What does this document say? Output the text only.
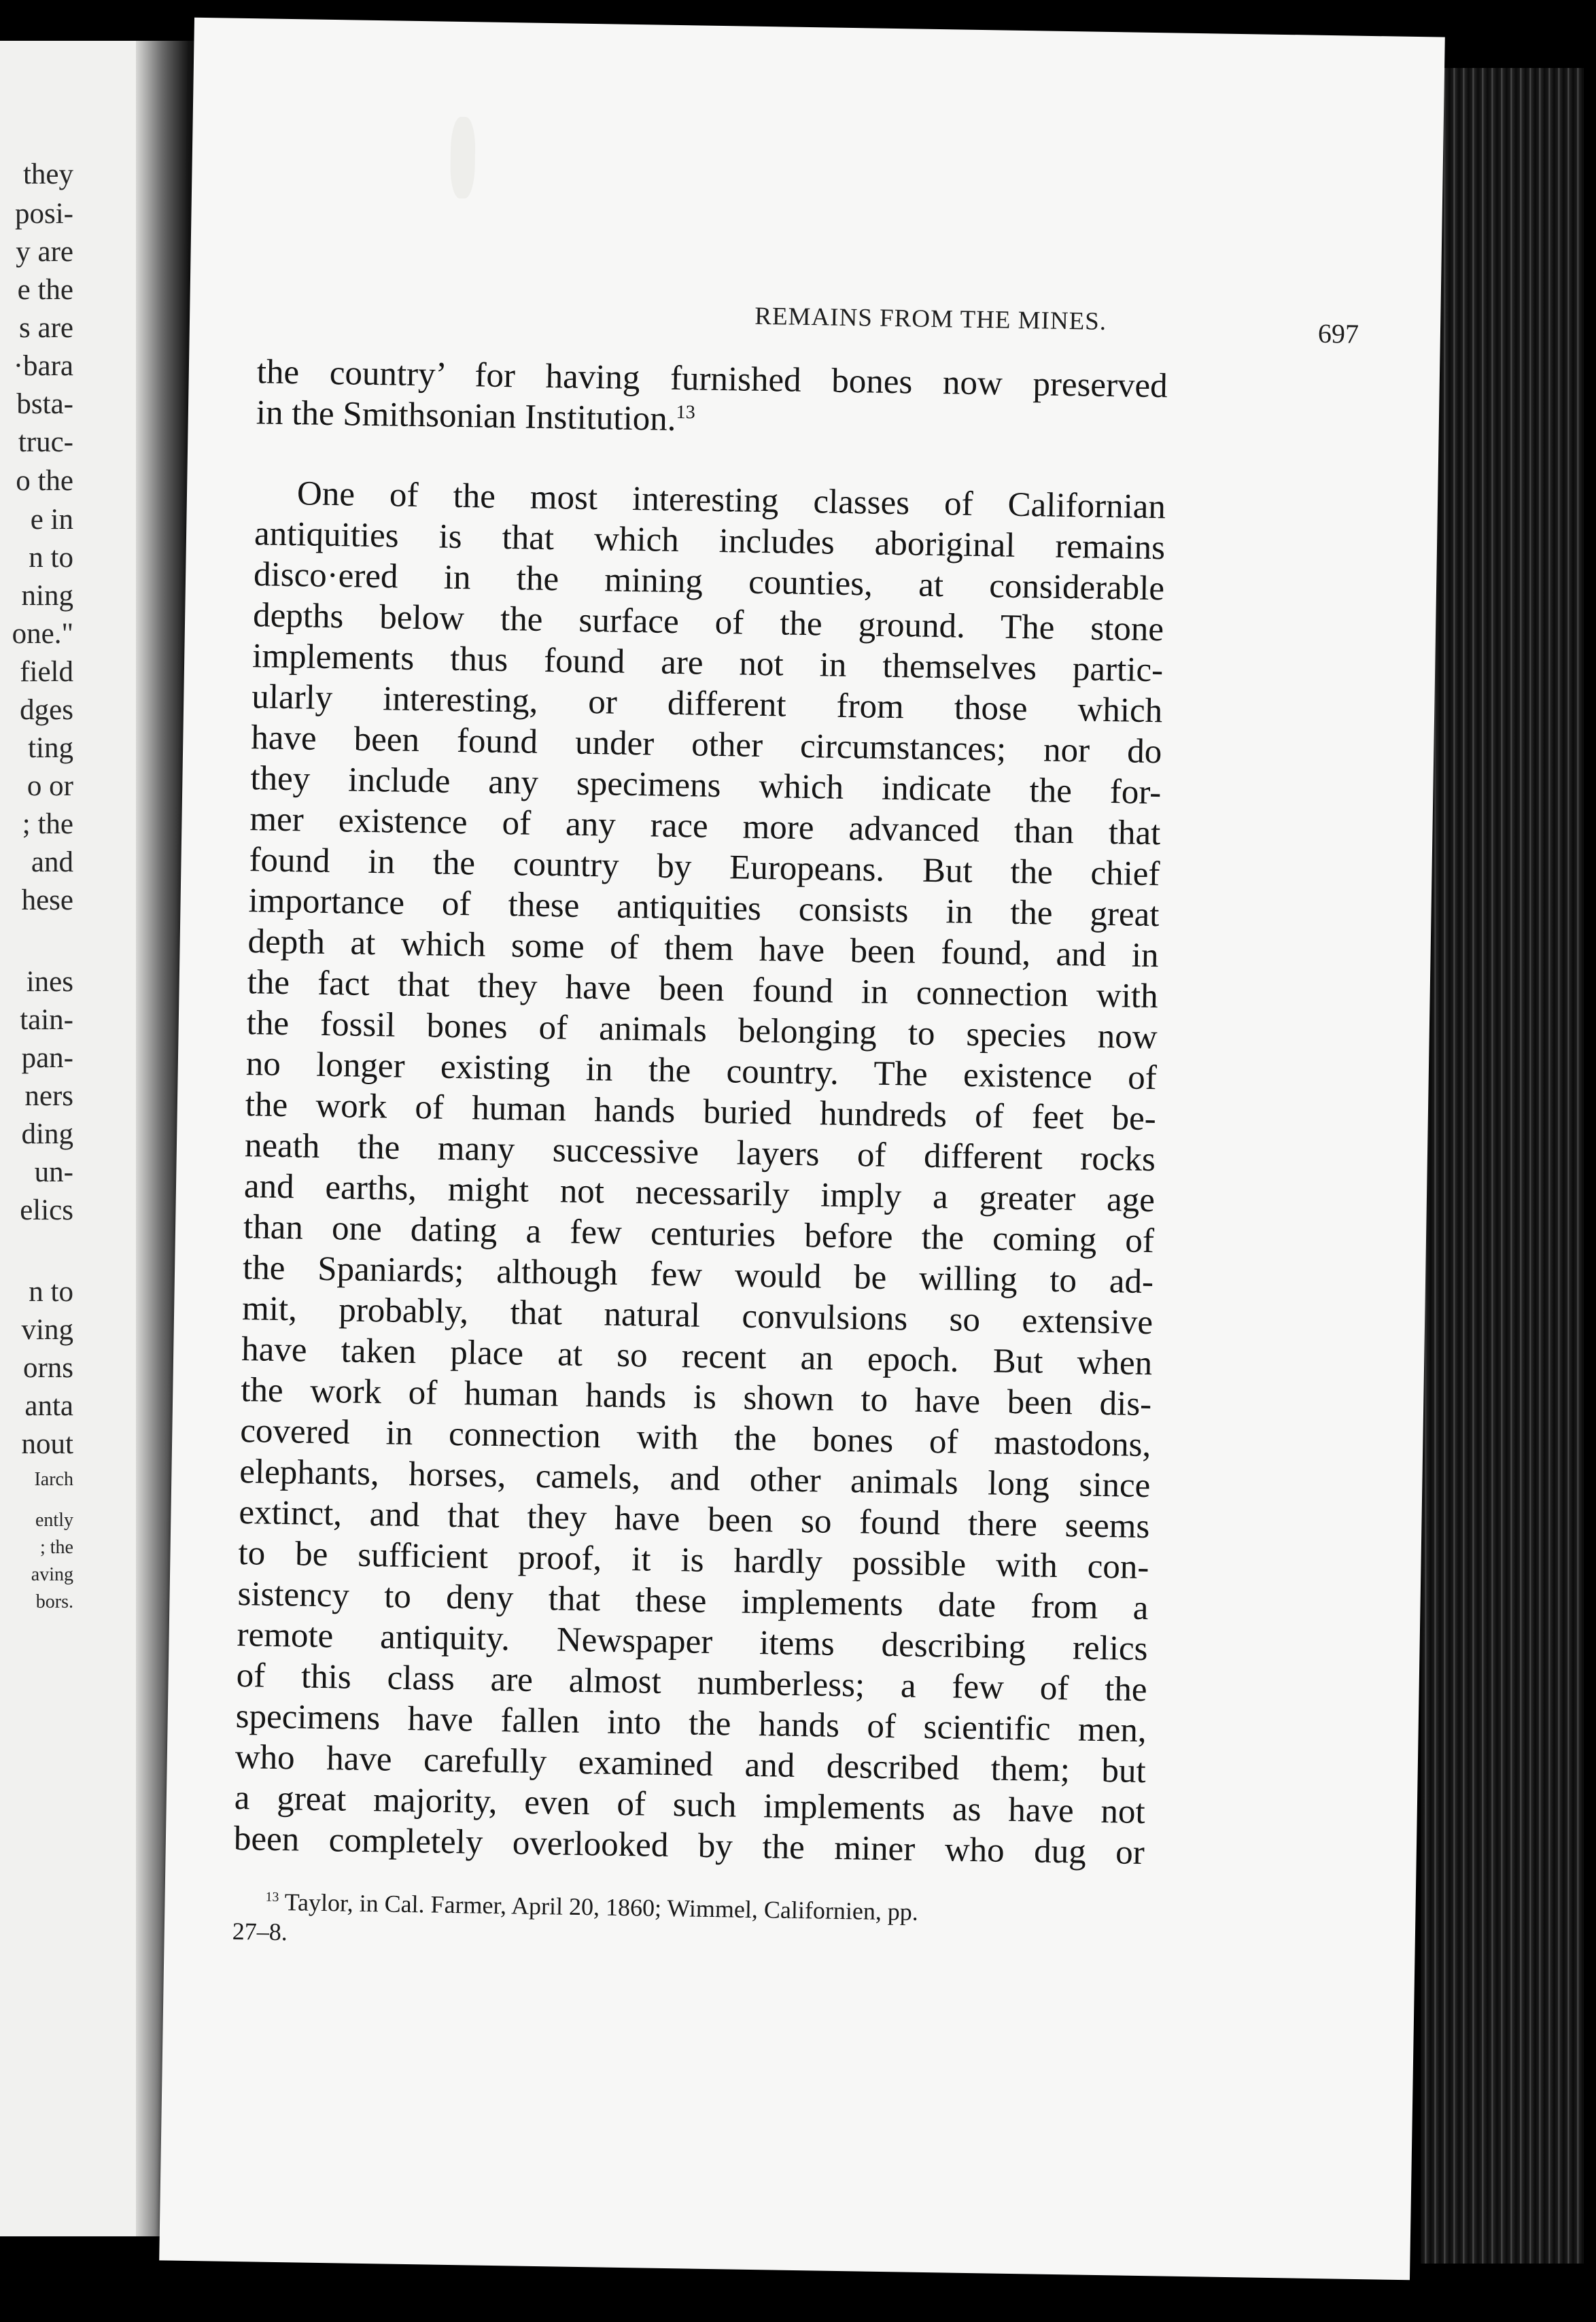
they
posi-
y are
e the
s are
·bara
bsta-
truc-
o the
e in
n to
ning
one."
field
dges
ting
o or
; the
and
hese
ines
tain-
pan-
ners
ding
un-
elics
n to
ving
orns
anta
nout
Iarch
ently
; the
aving
bors.
REMAINS FROM THE MINES.	697
the country’ for having furnished bones now preserved
in the Smithsonian Institution.$^{13}$
One of the most interesting classes of Californian
antiquities is that which includes aboriginal remains
disco·ered in the mining counties, at considerable
depths below the surface of the ground. The stone
implements thus found are not in themselves partic-
ularly interesting, or different from those which
have been found under other circumstances; nor do
they include any specimens which indicate the for-
mer existence of any race more advanced than that
found in the country by Europeans. But the chief
importance of these antiquities consists in the great
depth at which some of them have been found, and in
the fact that they have been found in connection with
the fossil bones of animals belonging to species now
no longer existing in the country. The existence of
the work of human hands buried hundreds of feet be-
neath the many successive layers of different rocks
and earths, might not necessarily imply a greater age
than one dating a few centuries before the coming of
the Spaniards; although few would be willing to ad-
mit, probably, that natural convulsions so extensive
have taken place at so recent an epoch. But when
the work of human hands is shown to have been dis-
covered in connection with the bones of mastodons,
elephants, horses, camels, and other animals long since
extinct, and that they have been so found there seems
to be sufficient proof, it is hardly possible with con-
sistency to deny that these implements date from a
remote antiquity. Newspaper items describing relics
of this class are almost numberless; a few of the
specimens have fallen into the hands of scientific men,
who have carefully examined and described them; but
a great majority, even of such implements as have not
been completely overlooked by the miner who dug or
$^{13}$ Taylor, in Cal. Farmer, April 20, 1860; Wimmel, Californien, pp.
27–8.
